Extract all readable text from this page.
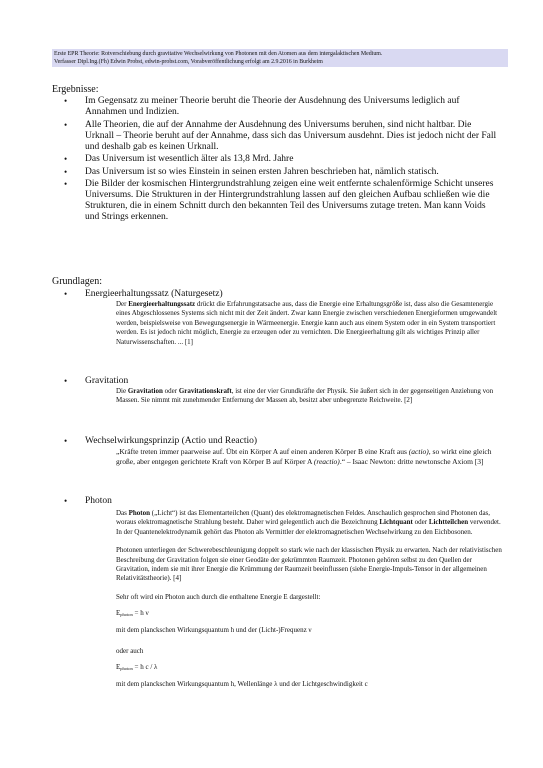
Erste EPR Theorie: Rotverschiebung durch gravitative Wechselwirkung von Photonen mit den Atomen aus dem intergalaktischen Medium.
Verfasser Dipl.Ing.(Fh) Edwin Probst, edwin-probst.com, Vorabveröffentlichung erfolgt am 2.9.2016 in Burkheim
Ergebnisse:
• Im Gegensatz zu meiner Theorie beruht die Theorie der Ausdehnung des Universums lediglich auf Annahmen und Indizien.
• Alle Theorien, die auf der Annahme der Ausdehnung des Universums beruhen, sind nicht haltbar. Die Urknall – Theorie beruht auf der Annahme, dass sich das Universum ausdehnt. Dies ist jedoch nicht der Fall und deshalb gab es keinen Urknall.
• Das Universum ist wesentlich älter als 13,8 Mrd. Jahre
• Das Universum ist so wies Einstein in seinen ersten Jahren beschrieben hat, nämlich statisch.
• Die Bilder der kosmischen Hintergrundstrahlung zeigen eine weit entfernte schalenförmige Schicht unseres Universums. Die Strukturen in der Hintergrundstrahlung lassen auf den gleichen Aufbau schließen wie die Strukturen, die in einem Schnitt durch den bekannten Teil des Universums zutage treten. Man kann Voids und Strings erkennen.
Grundlagen:
• Energieerhaltungssatz (Naturgesetz)
Der Energieerhaltungssatz drückt die Erfahrungstatsache aus, dass die Energie eine Erhaltungsgröße ist, dass also die Gesamtenergie eines Abgeschlossenes Systems sich nicht mit der Zeit ändert. Zwar kann Energie zwischen verschiedenen Energieformen umgewandelt werden, beispielsweise von Bewegungsenergie in Wärmeenergie. Energie kann auch aus einem System oder in ein System transportiert werden. Es ist jedoch nicht möglich, Energie zu erzeugen oder zu vernichten. Die Energieerhaltung gilt als wichtiges Prinzip aller Naturwissenschaften. ... [1]
• Gravitation
Die Gravitation oder Gravitationskraft, ist eine der vier Grundkräfte der Physik. Sie äußert sich in der gegenseitigen Anziehung von Massen. Sie nimmt mit zunehmender Entfernung der Massen ab, besitzt aber unbegrenzte Reichweite. [2]
• Wechselwirkungsprinzip (Actio und Reactio)
„Kräfte treten immer paarweise auf. Übt ein Körper A auf einen anderen Körper B eine Kraft aus (actio), so wirkt eine gleich große, aber entgegen gerichtete Kraft von Körper B auf Körper A (reactio).“ – Isaac Newton: dritte newtonsche Axiom [3]
• Photon

Das Photon („Licht“) ist das Elementarteilchen (Quant) des elektromagnetischen Feldes. Anschaulich gesprochen sind Photonen das, woraus elektromagnetische Strahlung besteht. Daher wird gelegentlich auch die Bezeichnung Lichtquant oder Lichtteilchen verwendet. In der Quantenelektrodynamik gehört das Photon als Vermittler der elektromagnetischen Wechselwirkung zu den Eichbosonen.

Photonen unterliegen der Schwerebeschleunigung doppelt so stark wie nach der klassischen Physik zu erwarten. Nach der relativistischen Beschreibung der Gravitation folgen sie einer Geodäte der gekrümmten Raumzeit. Photonen gehören selbst zu den Quellen der Gravitation, indem sie mit ihrer Energie die Krümmung der Raumzeit beeinflussen (siehe Energie-Impuls-Tensor in der allgemeinen Relativitätstheorie). [4]

Sehr oft wird ein Photon auch durch die enthaltene Energie E dargestellt:

$E_{photon} = h$ ν

mit dem planckschen Wirkungsquantum h und der (Licht-)Frequenz ν

oder auch

$E_{photon} = h$ c / λ

mit dem planckschen Wirkungsquantum h, Wellenlänge λ und der Lichtgeschwindigkeit c
